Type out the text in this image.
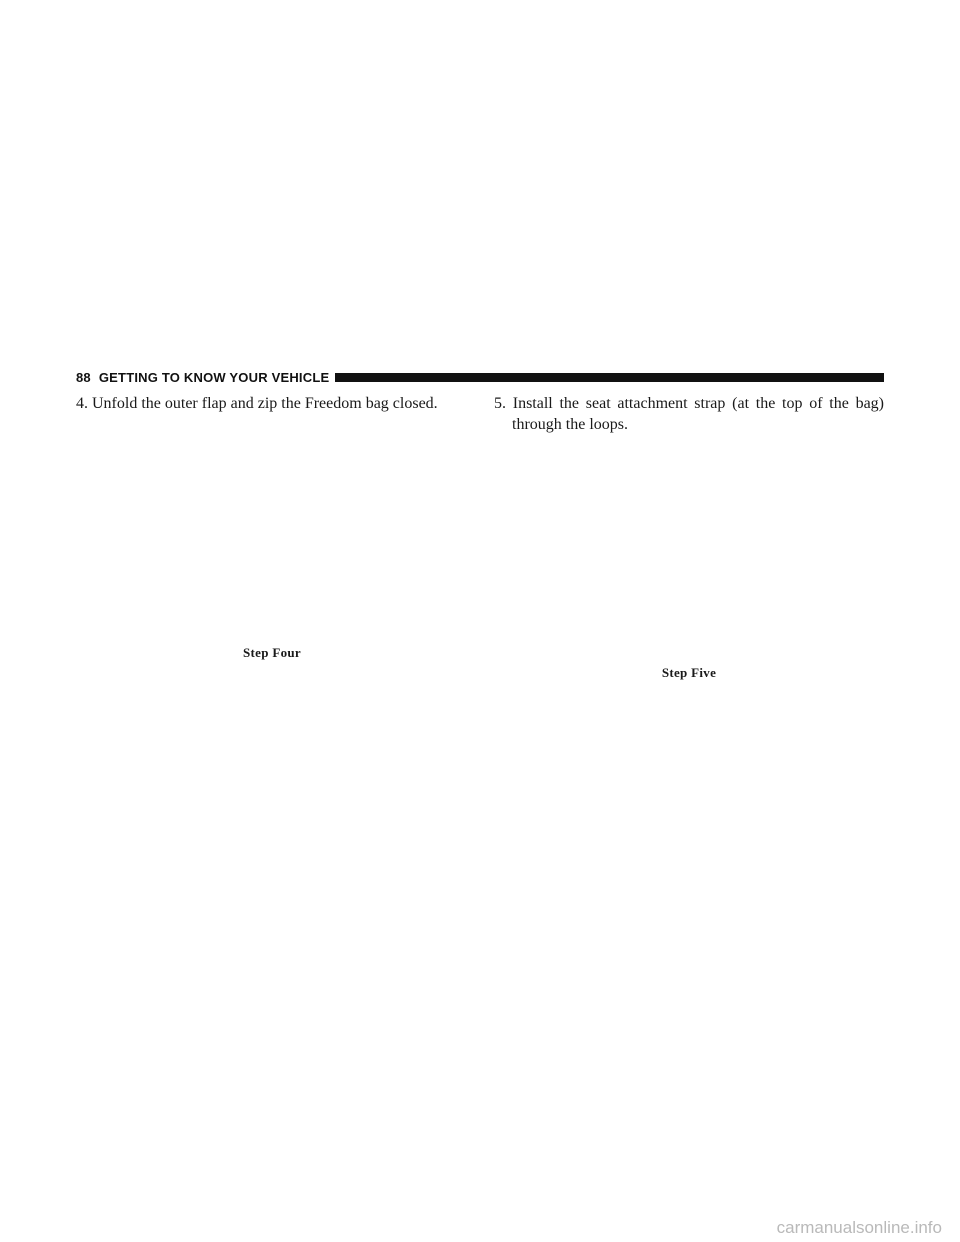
88 GETTING TO KNOW YOUR VEHICLE

4. Unfold the outer flap and zip the Freedom bag closed.

Step Four

5. Install the seat attachment strap (at the top of the bag) through the loops.

Step Five
carmanualsonline.info
